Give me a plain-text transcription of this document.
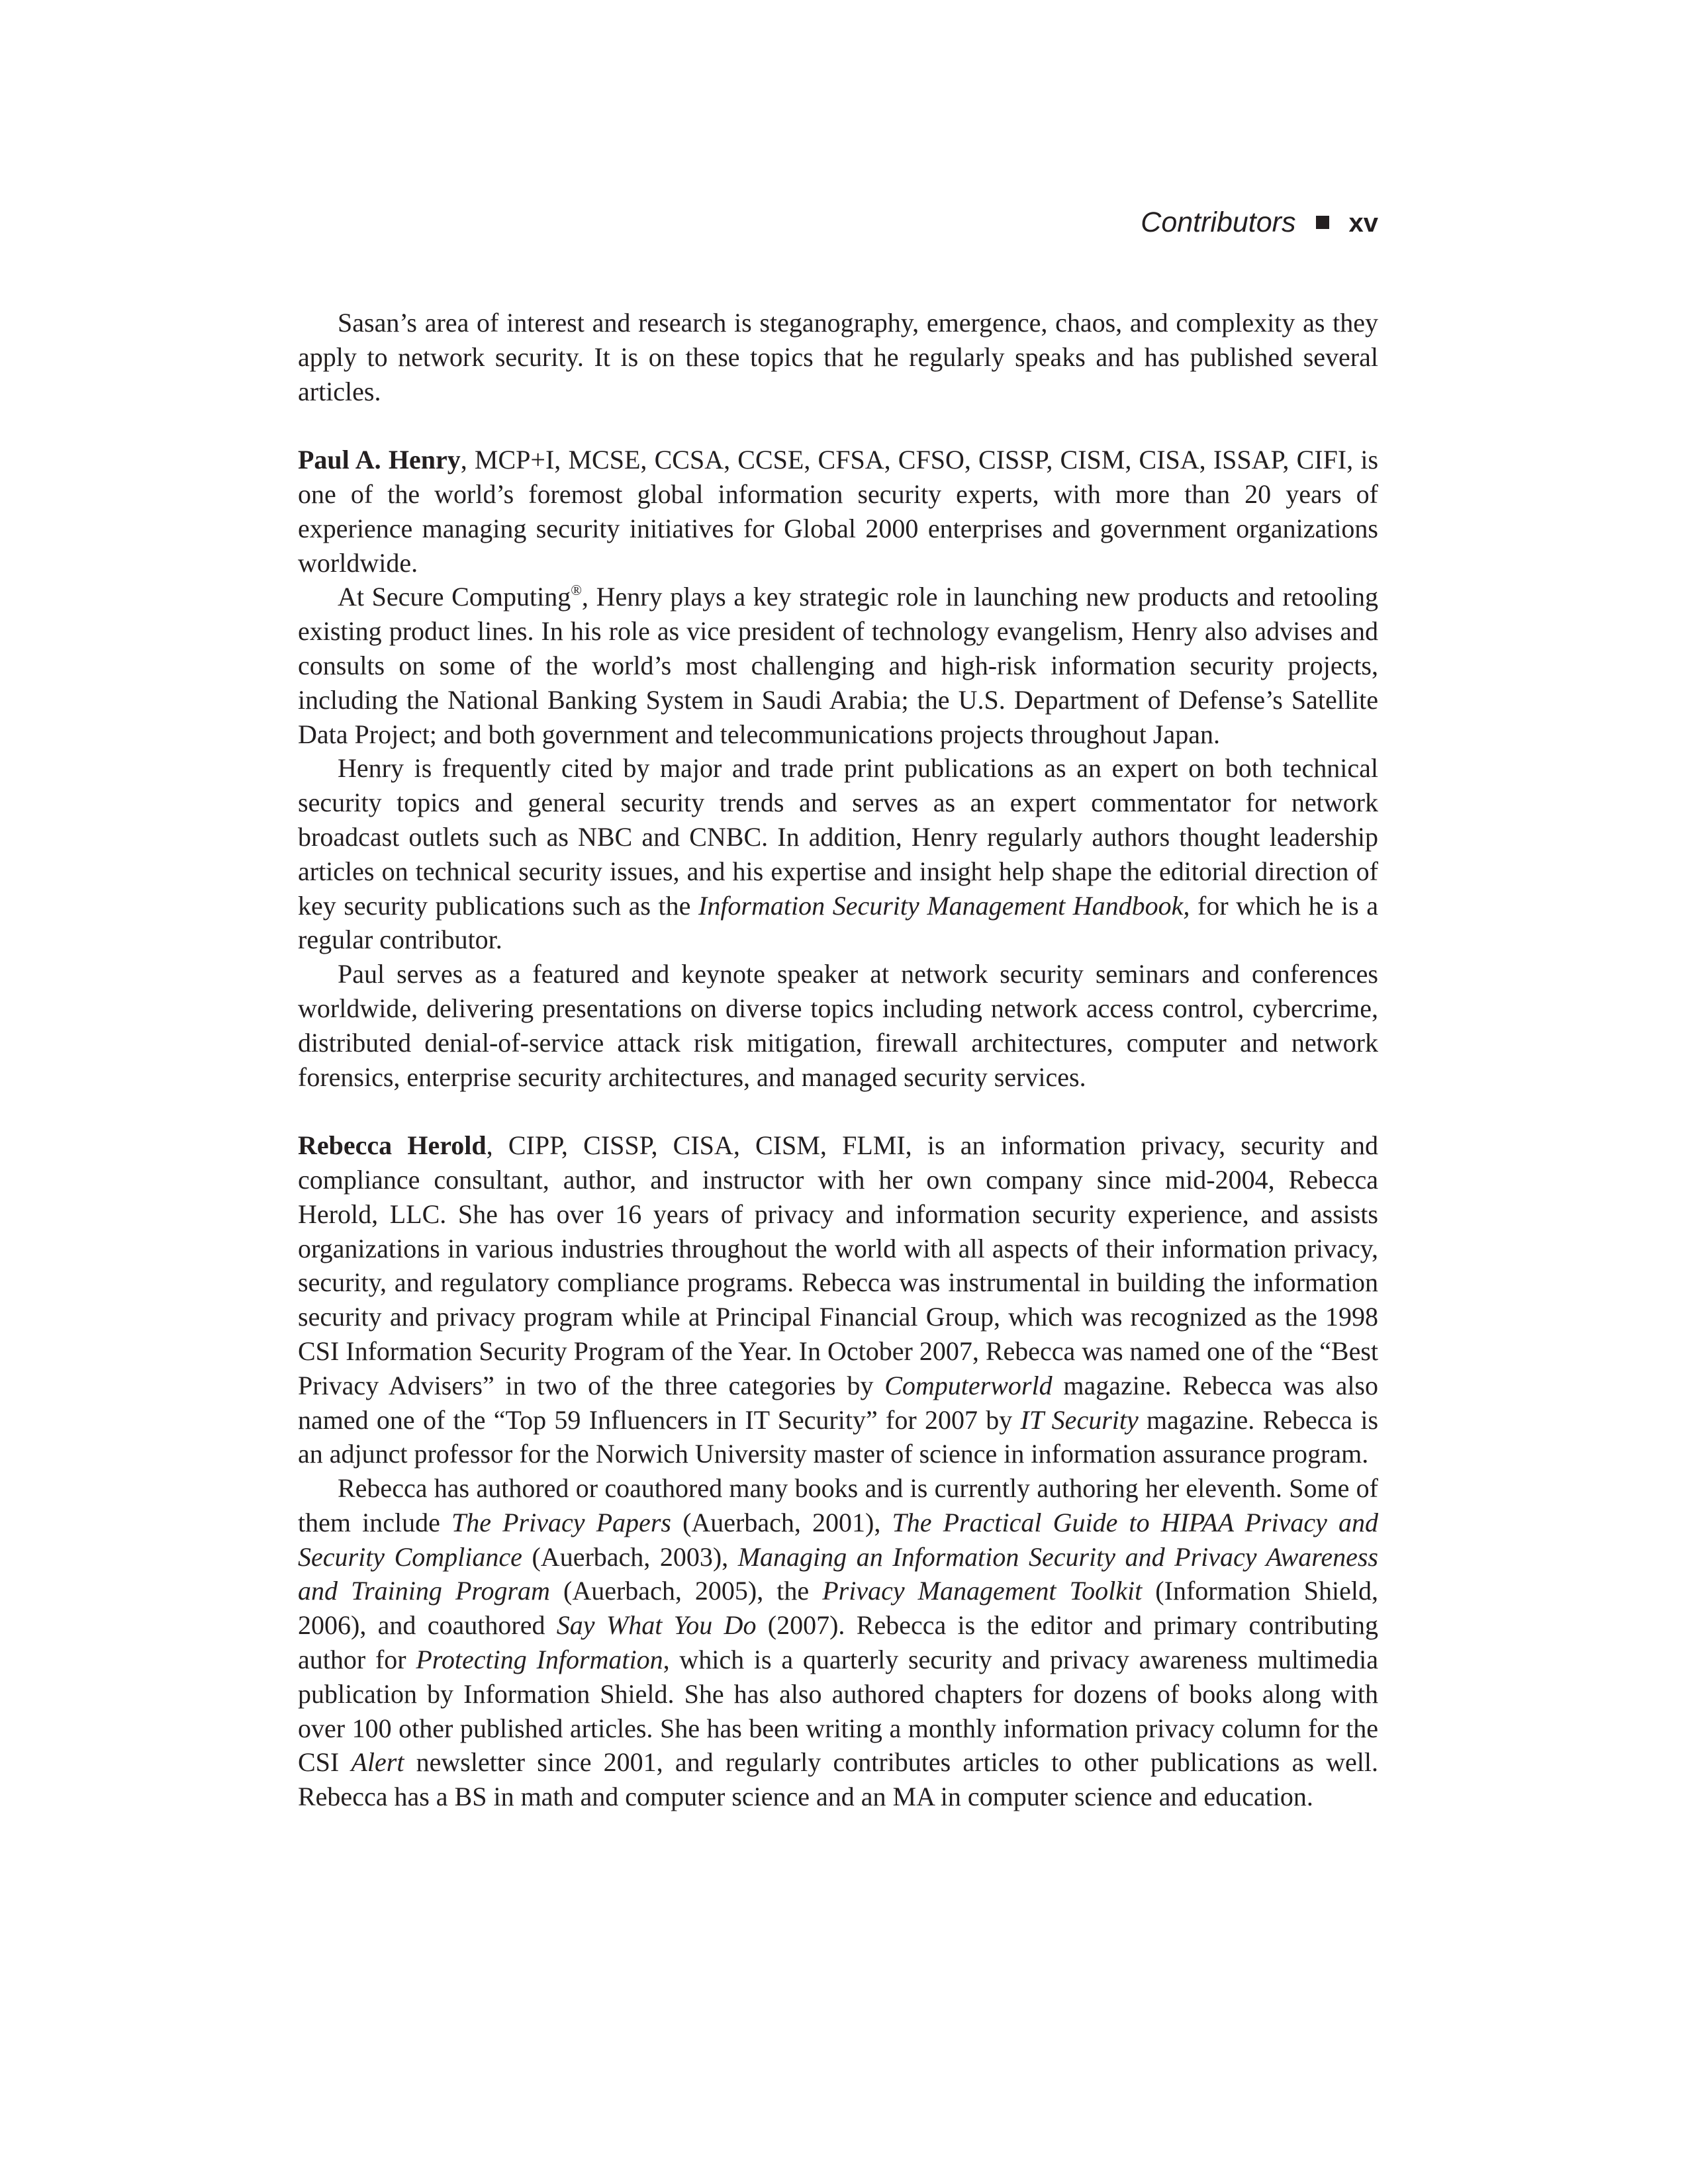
Contributors xv

Sasan’s area of interest and research is steganography, emergence, chaos, and complexity as they apply to network security. It is on these topics that he regularly speaks and has published several articles.

Paul A. Henry, MCP+I, MCSE, CCSA, CCSE, CFSA, CFSO, CISSP, CISM, CISA, ISSAP, CIFI, is one of the world’s foremost global information security experts, with more than 20 years of experience managing security initiatives for Global 2000 enterprises and government organizations worldwide.

At Secure Computing®, Henry plays a key strategic role in launching new products and retooling existing product lines. In his role as vice president of technology evangelism, Henry also advises and consults on some of the world’s most challenging and high-risk information security projects, including the National Banking System in Saudi Arabia; the U.S. Department of Defense’s Satellite Data Project; and both government and telecommunications projects throughout Japan.

Henry is frequently cited by major and trade print publications as an expert on both technical security topics and general security trends and serves as an expert commentator for network broadcast outlets such as NBC and CNBC. In addition, Henry regularly authors thought leadership articles on technical security issues, and his expertise and insight help shape the editorial direction of key security publications such as the Information Security Management Handbook, for which he is a regular contributor.

Paul serves as a featured and keynote speaker at network security seminars and conferences worldwide, delivering presentations on diverse topics including network access control, cybercrime, distributed denial-of-service attack risk mitigation, firewall architectures, computer and network forensics, enterprise security architectures, and managed security services.

Rebecca Herold, CIPP, CISSP, CISA, CISM, FLMI, is an information privacy, security and compliance consultant, author, and instructor with her own company since mid-2004, Rebecca Herold, LLC. She has over 16 years of privacy and information security experience, and assists organizations in various industries throughout the world with all aspects of their information privacy, security, and regulatory compliance programs. Rebecca was instrumental in building the information security and privacy program while at Principal Financial Group, which was recognized as the 1998 CSI Information Security Program of the Year. In October 2007, Rebecca was named one of the “Best Privacy Advisers” in two of the three categories by Computerworld magazine. Rebecca was also named one of the “Top 59 Influencers in IT Security” for 2007 by IT Security magazine. Rebecca is an adjunct professor for the Norwich University master of science in information assurance program.

Rebecca has authored or coauthored many books and is currently authoring her eleventh. Some of them include The Privacy Papers (Auerbach, 2001), The Practical Guide to HIPAA Privacy and Security Compliance (Auerbach, 2003), Managing an Information Security and Privacy Awareness and Training Program (Auerbach, 2005), the Privacy Management Toolkit (Information Shield, 2006), and coauthored Say What You Do (2007). Rebecca is the editor and primary contributing author for Protecting Information, which is a quarterly security and privacy awareness multimedia publication by Information Shield. She has also authored chapters for dozens of books along with over 100 other published articles. She has been writing a monthly information privacy column for the CSI Alert newsletter since 2001, and regularly contributes articles to other publications as well. Rebecca has a BS in math and computer science and an MA in computer science and education.
